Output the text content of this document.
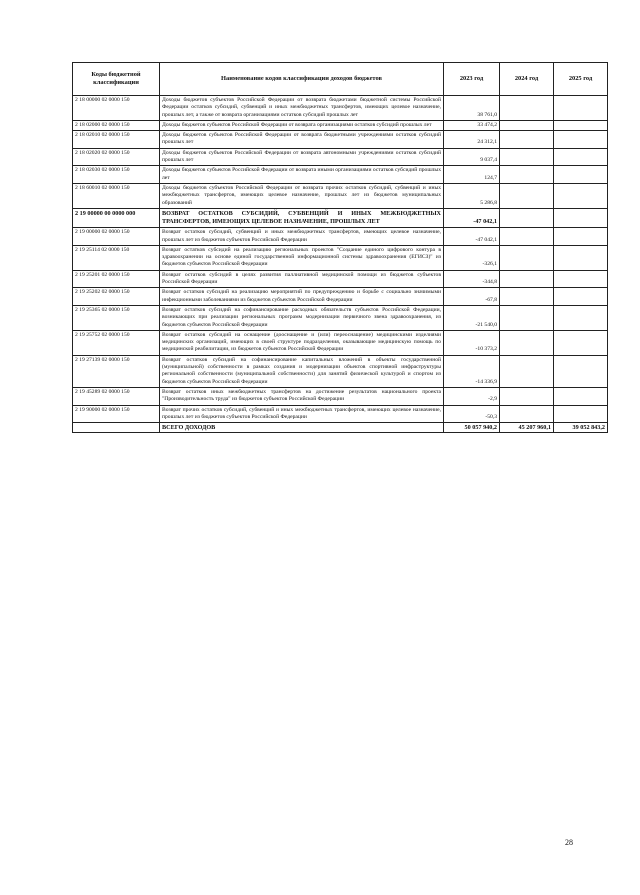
Коды бюджетной классификации	Наименование кодов классификации доходов бюджетов	2023 год	2024 год	2025 год
2 18 00000 02 0000 150	Доходы бюджетов субъектов Российской Федерации от возврата бюджетами бюджетной системы Российской Федерации остатков субсидий, субвенций и иных межбюджетных трансфертов, имеющих целевое назначение, прошлых лет, а также от возврата организациями остатков субсидий прошлых лет	38 761,0		
2 18 02000 02 0000 150	Доходы бюджетов субъектов Российской Федерации от возврата организациями остатков субсидий прошлых лет	33 474,2		
2 18 02010 02 0000 150	Доходы бюджетов субъектов Российской Федерации от возврата бюджетными учреждениями остатков субсидий прошлых лет	24 312,1		
2 18 02020 02 0000 150	Доходы бюджетов субъектов Российской Федерации от возврата автономными учреждениями остатков субсидий прошлых лет	9 037,4		
2 18 02030 02 0000 150	Доходы бюджетов субъектов Российской Федерации от возврата иными организациями остатков субсидий прошлых лет	124,7		
2 18 60010 02 0000 150	Доходы бюджетов субъектов Российской Федерации от возврата прочих остатков субсидий, субвенций и иных межбюджетных трансфертов, имеющих целевое назначение, прошлых лет из бюджетов муниципальных образований	5 286,8		
2 19 00000 00 0000 000	ВОЗВРАТ ОСТАТКОВ СУБСИДИЙ, СУБВЕНЦИЙ И ИНЫХ МЕЖБЮДЖЕТНЫХ ТРАНСФЕРТОВ, ИМЕЮЩИХ ЦЕЛЕВОЕ НАЗНАЧЕНИЕ, ПРОШЛЫХ ЛЕТ	-47 042,1		
2 19 00000 02 0000 150	Возврат остатков субсидий, субвенций и иных межбюджетных трансфертов, имеющих целевое назначение, прошлых лет из бюджетов субъектов Российской Федерации	-47 042,1		
2 19 25114 02 0000 150	Возврат остатков субсидий на реализацию региональных проектов "Создание единого цифрового контура в здравоохранении на основе единой государственной информационной системы здравоохранения (ЕГИСЗ)" из бюджетов субъектов Российской Федерации	-326,1		
2 19 25201 02 0000 150	Возврат остатков субсидий в целях развития паллиативной медицинской помощи из бюджетов субъектов Российской Федерации	-344,8		
2 19 25202 02 0000 150	Возврат остатков субсидий на реализацию мероприятий по предупреждению и борьбе с социально значимыми инфекционными заболеваниями из бюджетов субъектов Российской Федерации	-67,8		
2 19 25365 02 0000 150	Возврат остатков субсидий на софинансирование расходных обязательств субъектов Российской Федерации, возникающих при реализации региональных программ модернизации первичного звена здравоохранения, из бюджетов субъектов Российской Федерации	-21 540,0		
2 19 25752 02 0000 150	Возврат остатков субсидий на оснащение (дооснащение и (или) переоснащение) медицинскими изделиями медицинских организаций, имеющих в своей структуре подразделения, оказывающие медицинскую помощь по медицинской реабилитации, из бюджетов субъектов Российской Федерации	-10 373,2		
2 19 27139 02 0000 150	Возврат остатков субсидий на софинансирование капитальных вложений в объекты государственной (муниципальной) собственности в рамках создания и модернизации объектов спортивной инфраструктуры региональной собственности (муниципальной собственности) для занятий физической культурой и спортом из бюджетов субъектов Российской Федерации	-14 336,9		
2 19 45289 02 0000 150	Возврат остатков иных межбюджетных трансфертов на достижение результатов национального проекта "Производительность труда" из бюджетов субъектов Российской Федерации	-2,9		
2 19 90000 02 0000 150	Возврат прочих остатков субсидий, субвенций и иных межбюджетных трансфертов, имеющих целевое назначение, прошлых лет из бюджетов субъектов Российской Федерации	-50,3		
	ВСЕГО ДОХОДОВ	50 057 940,2	45 207 960,1	39 052 843,2
28
